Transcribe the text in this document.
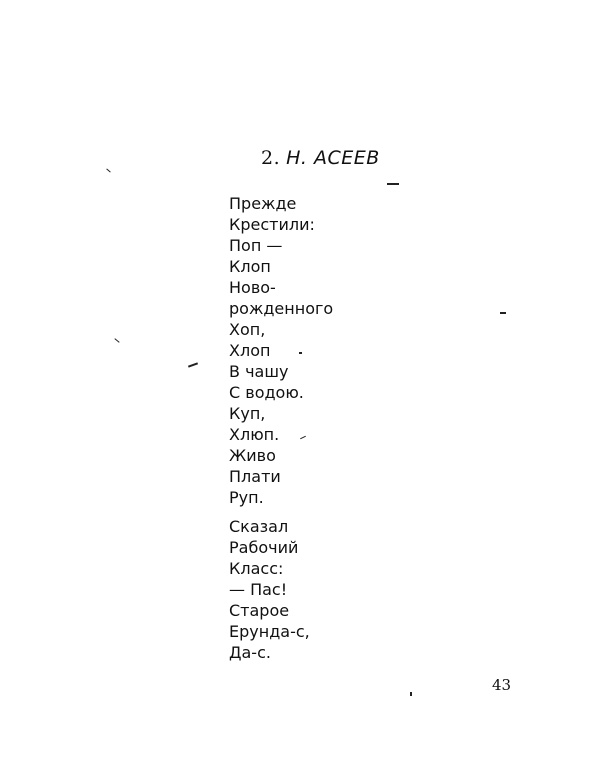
2. Н. АСЕЕВ
Прежде
Крестили:
Поп —
Клоп
Ново-
рожденного
Хоп,
Хлоп
В чашу
С водою.
Куп,
Хлюп.
Живо
Плати
Руп.
Сказал
Рабочий
Класс:
— Пас!
Старое
Ерунда-с,
Да-с.
43
